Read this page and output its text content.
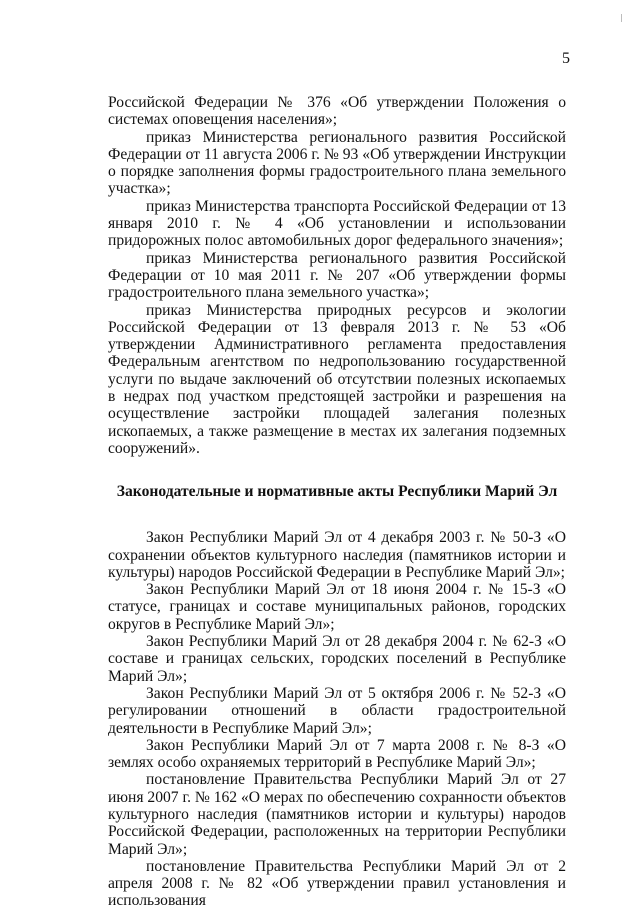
5

Российской Федерации № 376 «Об утверждении Положения о системах оповещения населения»;

приказ Министерства регионального развития Российской Федерации от 11 августа 2006 г. № 93 «Об утверждении Инструкции о порядке заполнения формы градостроительного плана земельного участка»;

приказ Министерства транспорта Российской Федерации от 13 января 2010 г. № 4 «Об установлении и использовании придорожных полос автомобильных дорог федерального значения»;

приказ Министерства регионального развития Российской Федерации от 10 мая 2011 г. № 207 «Об утверждении формы градостроительного плана земельного участка»;

приказ Министерства природных ресурсов и экологии Российской Федерации от 13 февраля 2013 г. № 53 «Об утверждении Административного регламента предоставления Федеральным агентством по недропользованию государственной услуги по выдаче заключений об отсутствии полезных ископаемых в недрах под участком предстоящей застройки и разрешения на осуществление застройки площадей залегания полезных ископаемых, а также размещение в местах их залегания подземных сооружений».

Законодательные и нормативные акты Республики Марий Эл

Закон Республики Марий Эл от 4 декабря 2003 г. № 50-З «О сохранении объектов культурного наследия (памятников истории и культуры) народов Российской Федерации в Республике Марий Эл»;

Закон Республики Марий Эл от 18 июня 2004 г. № 15-З «О статусе, границах и составе муниципальных районов, городских округов в Республике Марий Эл»;

Закон Республики Марий Эл от 28 декабря 2004 г. № 62-З «О составе и границах сельских, городских поселений в Республике Марий Эл»;

Закон Республики Марий Эл от 5 октября 2006 г. № 52-З «О регулировании отношений в области градостроительной деятельности в Республике Марий Эл»;

Закон Республики Марий Эл от 7 марта 2008 г. № 8-З «О землях особо охраняемых территорий в Республике Марий Эл»;

постановление Правительства Республики Марий Эл от 27 июня 2007 г. № 162 «О мерах по обеспечению сохранности объектов культурного наследия (памятников истории и культуры) народов Российской Федерации, расположенных на территории Республики Марий Эл»;

постановление Правительства Республики Марий Эл от 2 апреля 2008 г. № 82 «Об утверждении правил установления и использования
